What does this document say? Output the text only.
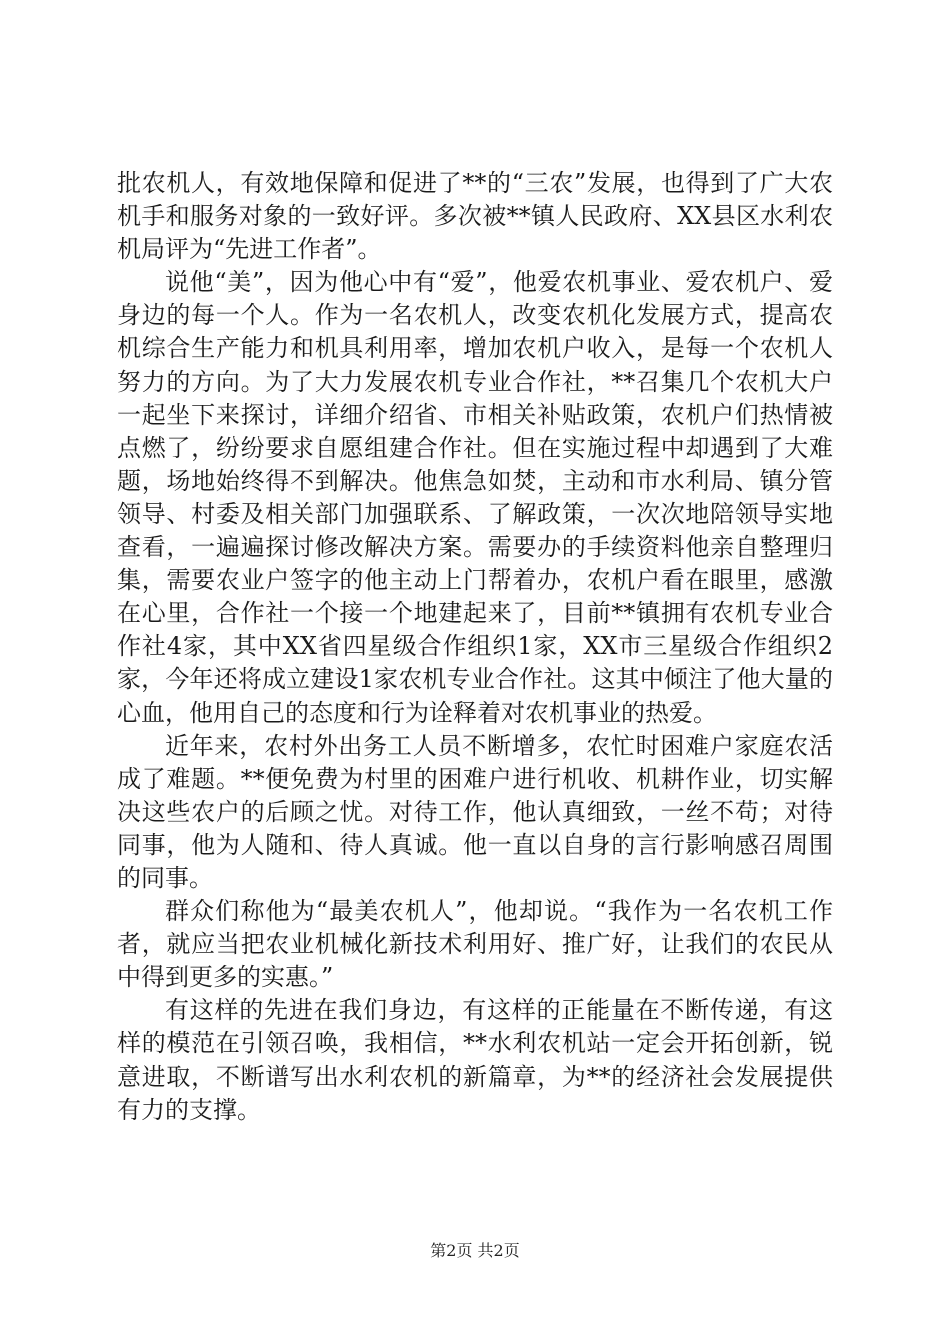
批农机人，有效地保障和促进了**的“三农”发展，也得到了广大农机手和服务对象的一致好评。多次被**镇人民政府、XX县区水利农机局评为“先进工作者”。

说他“美”，因为他心中有“爱”，他爱农机事业、爱农机户、爱身边的每一个人。作为一名农机人，改变农机化发展方式，提高农机综合生产能力和机具利用率，增加农机户收入，是每一个农机人努力的方向。为了大力发展农机专业合作社，**召集几个农机大户一起坐下来探讨，详细介绍省、市相关补贴政策，农机户们热情被点燃了，纷纷要求自愿组建合作社。但在实施过程中却遇到了大难题，场地始终得不到解决。他焦急如焚，主动和市水利局、镇分管领导、村委及相关部门加强联系、了解政策，一次次地陪领导实地查看，一遍遍探讨修改解决方案。需要办的手续资料他亲自整理归集，需要农业户签字的他主动上门帮着办，农机户看在眼里，感激在心里，合作社一个接一个地建起来了，目前**镇拥有农机专业合作社4家，其中XX省四星级合作组织1家，XX市三星级合作组织2家，今年还将成立建设1家农机专业合作社。这其中倾注了他大量的心血，他用自己的态度和行为诠释着对农机事业的热爱。

近年来，农村外出务工人员不断增多，农忙时困难户家庭农活成了难题。**便免费为村里的困难户进行机收、机耕作业，切实解决这些农户的后顾之忧。对待工作，他认真细致，一丝不苟；对待同事，他为人随和、待人真诚。他一直以自身的言行影响感召周围的同事。

群众们称他为“最美农机人”，他却说。“我作为一名农机工作者，就应当把农业机械化新技术利用好、推广好，让我们的农民从中得到更多的实惠。”

有这样的先进在我们身边，有这样的正能量在不断传递，有这样的模范在引领召唤，我相信，**水利农机站一定会开拓创新，锐意进取，不断谱写出水利农机的新篇章，为**的经济社会发展提供有力的支撑。

第2页 共2页
